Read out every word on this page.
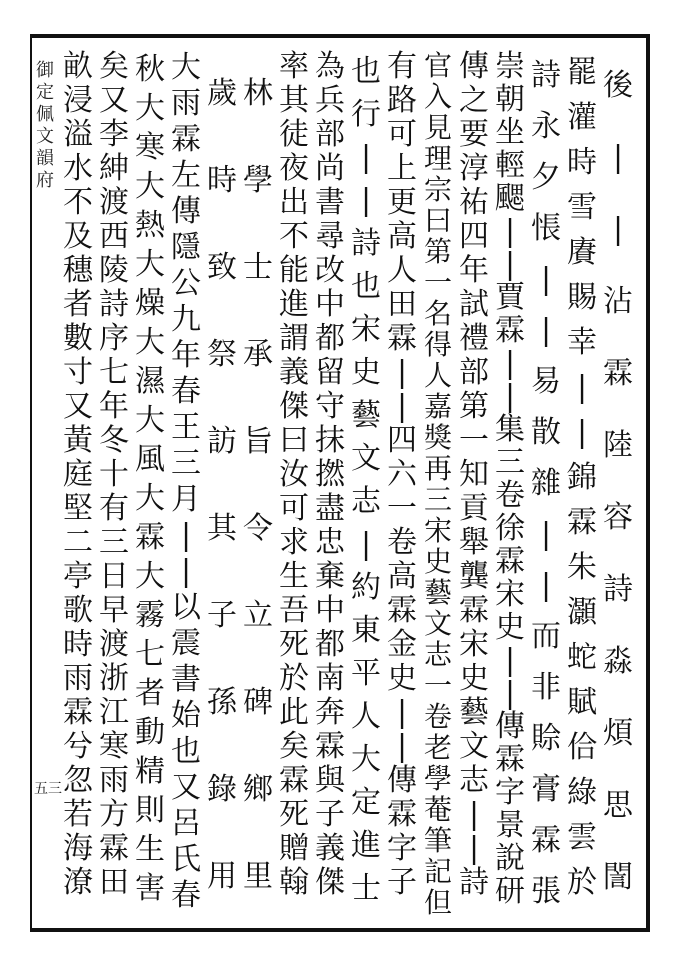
御
定
佩
文
韻
府
五三
後
|
|
沾
霖
陸
容
詩
淼
煩
思
誾
罷
灌
時
雪
賡
賜
幸
|
|
錦
霖
朱
灝
蛇
賦
佮
綠
雲
於
詩
永
夕
悵
|
|
易
散
雜
|
|
而
非
賒
膏
霖
張
崇
朝
坐
輕
颸
|
|
賈
霖
|
|
集
三
卷
徐
霖
宋
史
|
|
傳
霖
字
景
說
研
傳
之
要
淳
祐
四
年
試
禮
部
第
一
知
貢
舉
龔
霖
宋
史
藝
文
志
|
|
詩
官
入
見
理
宗
曰
第
一
名
得
人
嘉
獎
再
三
宋
史
藝
文
志
一
卷
老
學
菴
筆
記
但
有
路
可
上
更
高
人
田
霖
|
|
四
六
一
卷
高
霖
金
史
|
|
傳
霖
字
子
也
行
|
|
詩
也
宋
史
藝
文
志
|
約
東
平
人
大
定
進
士
為
兵
部
尚
書
尋
改
中
都
留
守
抹
撚
盡
忠
棄
中
都
南
奔
霖
與
子
義
傑
率
其
徒
夜
出
不
能
進
謂
義
傑
曰
汝
可
求
生
吾
死
於
此
矣
霖
死
贈
翰
林
學
士
承
旨
令
立
碑
鄉
里
歲
時
致
祭
訪
其
子
孫
錄
用
大
雨
霖
左
傳
隱
公
九
年
春
王
三
月
|
|
以
震
書
始
也
又
呂
氏
春
秋
大
寒
大
熱
大
燥
大
濕
大
風
大
霖
大
霧
七
者
動
精
則
生
害
矣
又
李
紳
渡
西
陵
詩
序
七
年
冬
十
有
三
日
早
渡
浙
江
寒
雨
方
霖
田
畝
浸
溢
水
不
及
穗
者
數
寸
又
黃
庭
堅
二
亭
歌
時
雨
霖
兮
忽
若
海
潦
